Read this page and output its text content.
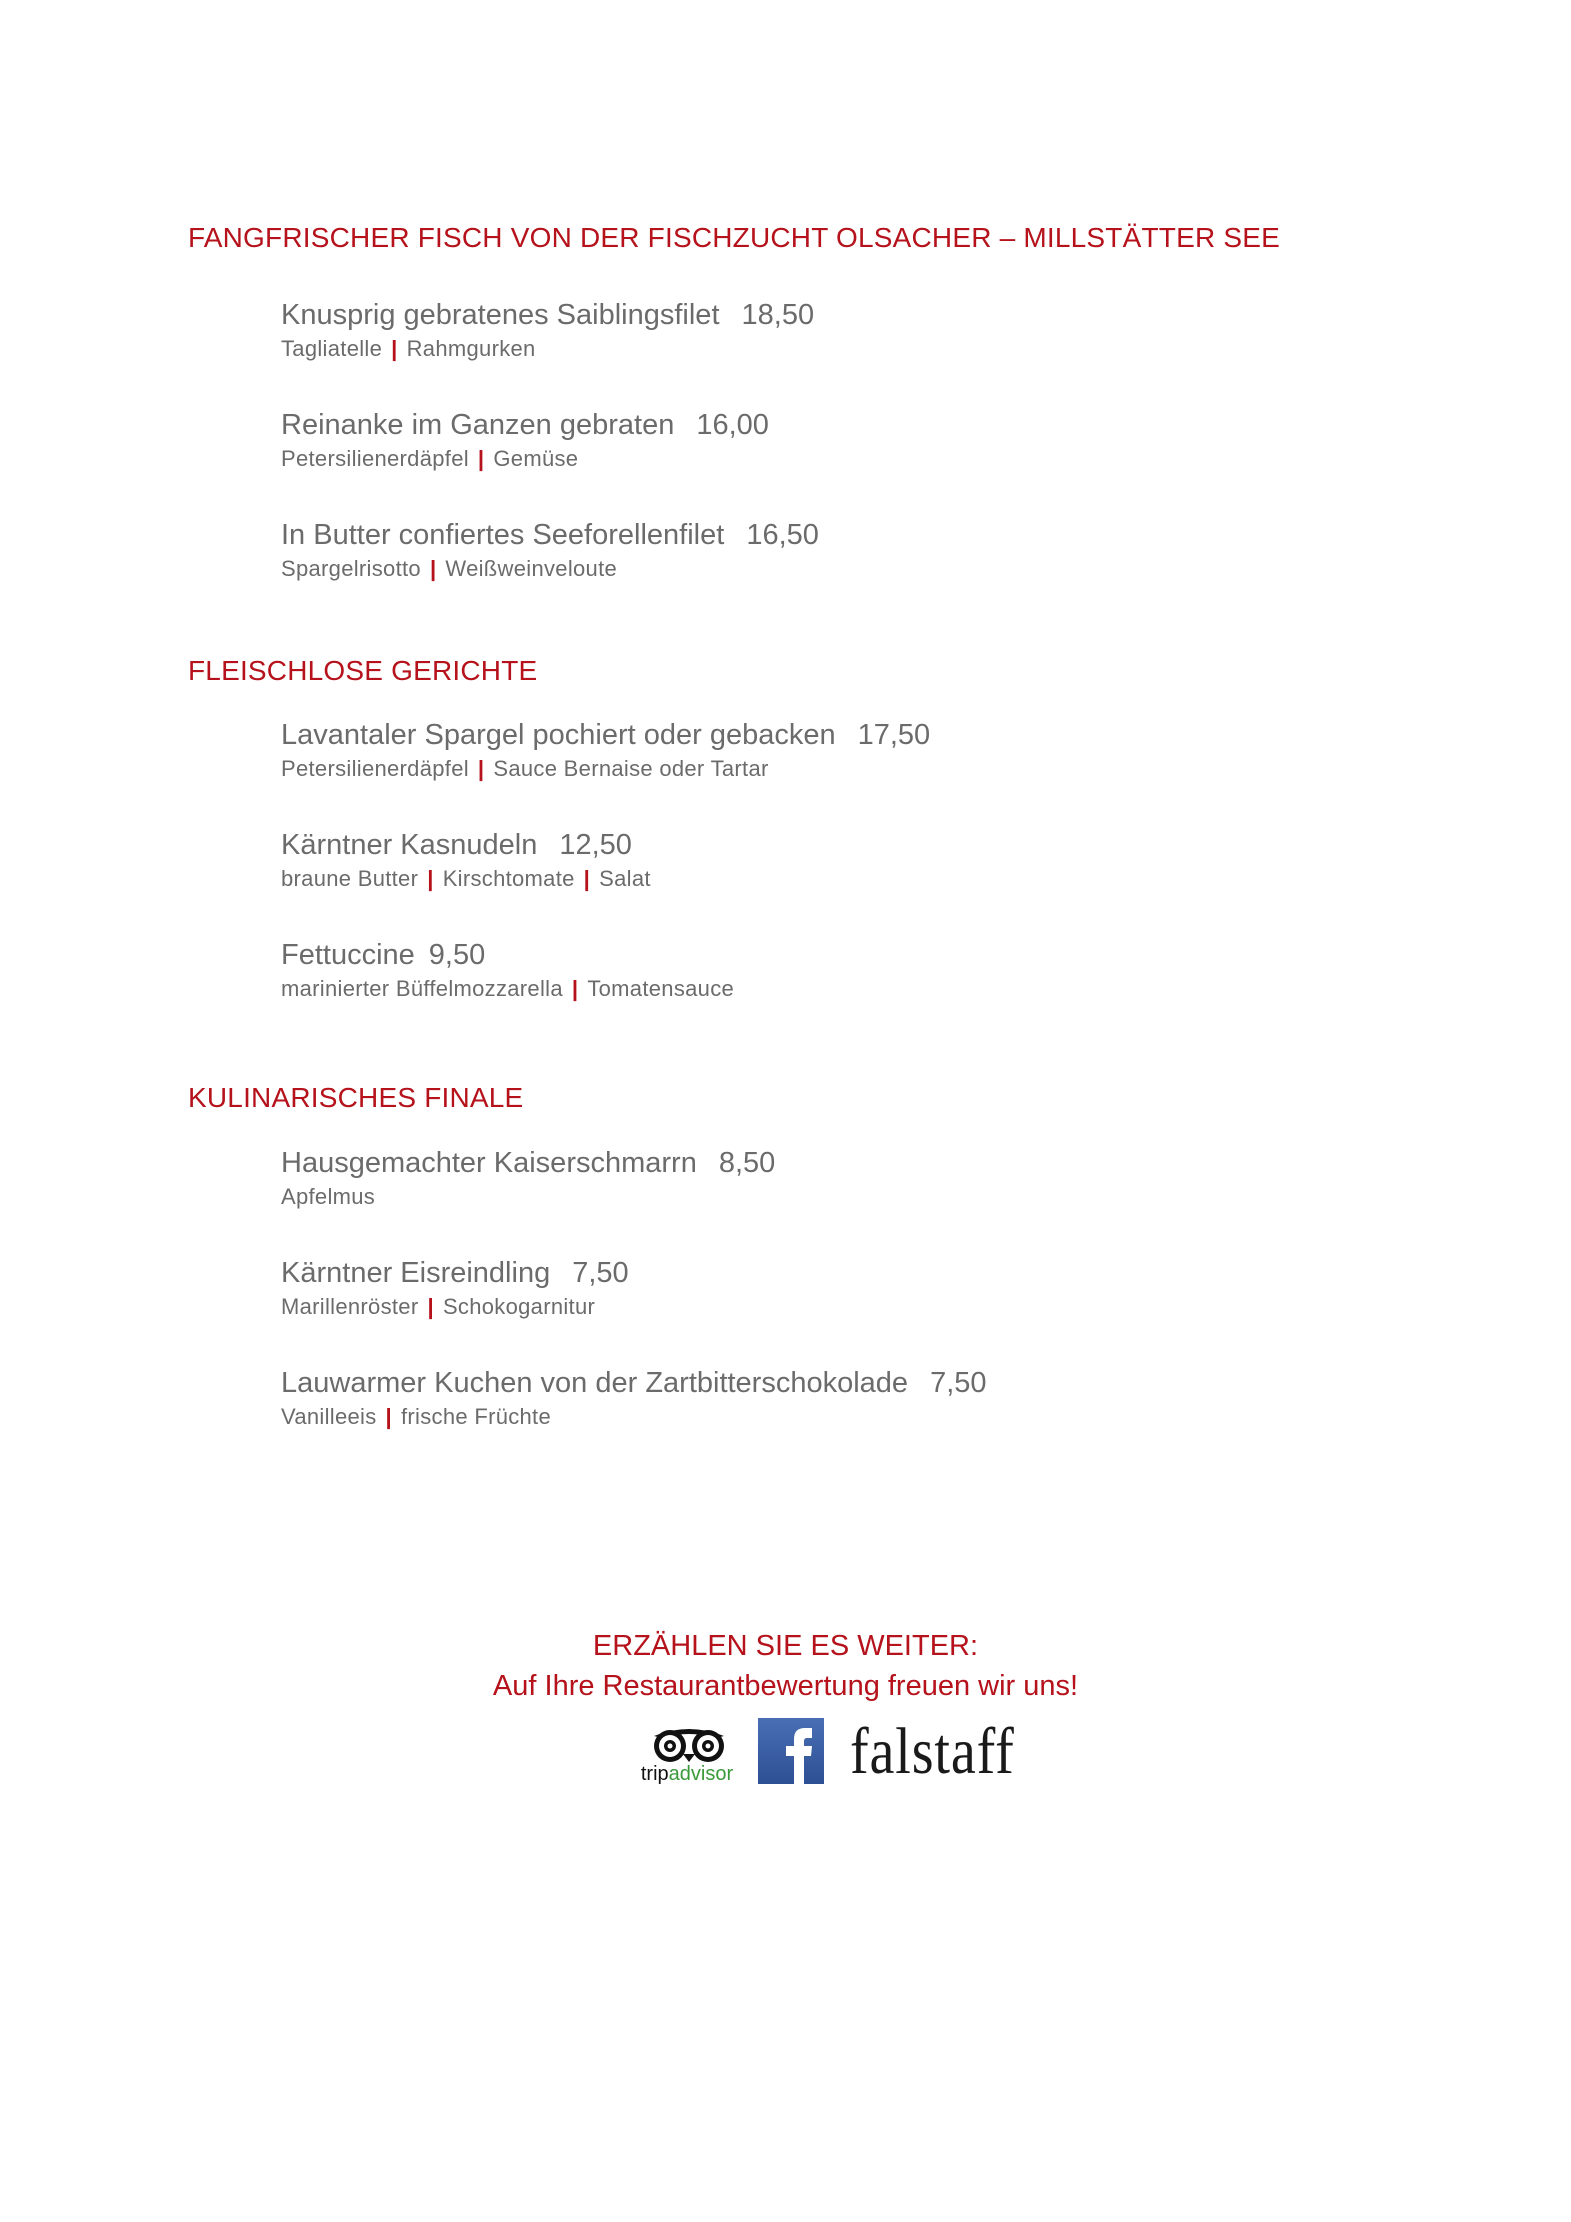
FANGFRISCHER FISCH VON DER FISCHZUCHT OLSACHER – MILLSTÄTTER SEE
Knusprig gebratenes Saiblingsfilet 18,50
Tagliatelle | Rahmgurken
Reinanke im Ganzen gebraten 16,00
Petersilienerdäpfel | Gemüse
In Butter confiertes Seeforellenfilet 16,50
Spargelrisotto | Weißweinveloute
FLEISCHLOSE GERICHTE
Lavantaler Spargel pochiert oder gebacken 17,50
Petersilienerdäpfel | Sauce Bernaise oder Tartar
Kärntner Kasnudeln 12,50
braune Butter | Kirschtomate | Salat
Fettuccine 9,50
marinierter Büffelmozzarella | Tomatensauce
KULINARISCHES FINALE
Hausgemachter Kaiserschmarrn 8,50
Apfelmus
Kärntner Eisreindling 7,50
Marillenröster | Schokogarnitur
Lauwarmer Kuchen von der Zartbitterschokolade 7,50
Vanilleeis | frische Früchte
ERZÄHLEN SIE ES WEITER:
Auf Ihre Restaurantbewertung freuen wir uns!
tripadvisor falstaff
